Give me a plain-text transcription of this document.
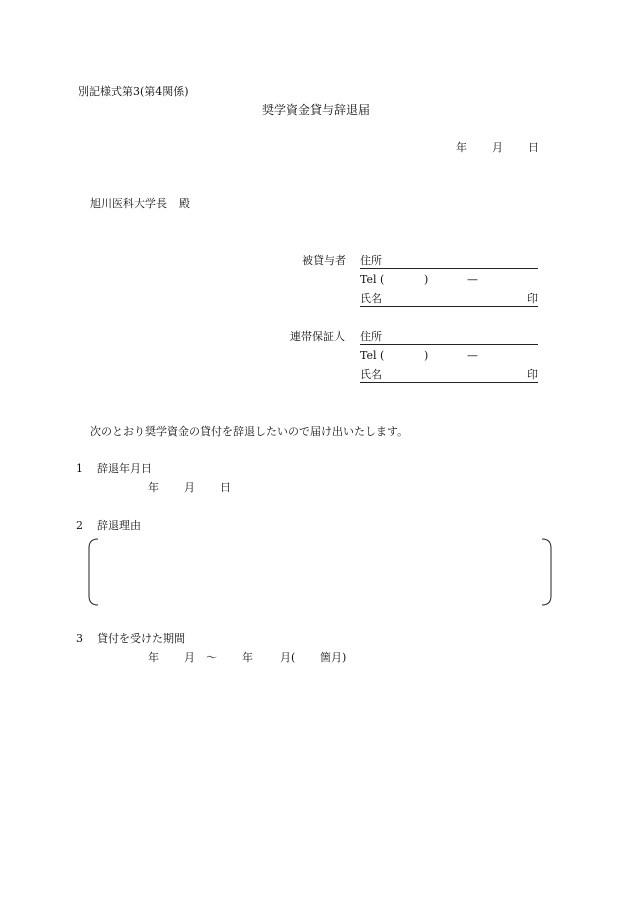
別記様式第3(第4関係)
奨学資金貸与辞退届
年 月 日
旭川医科大学長 殿
被貸与者 住所
Tel (	)	—
氏名	印
連帯保証人 住所
Tel (	)	—
氏名	印
次のとおり奨学資金の貸付を辞退したいので届け出いたします。
1 辞退年月日
年 月 日
2 辞退理由
3 貸付を受けた期間
年 月 〜 年 月( 箇月)
